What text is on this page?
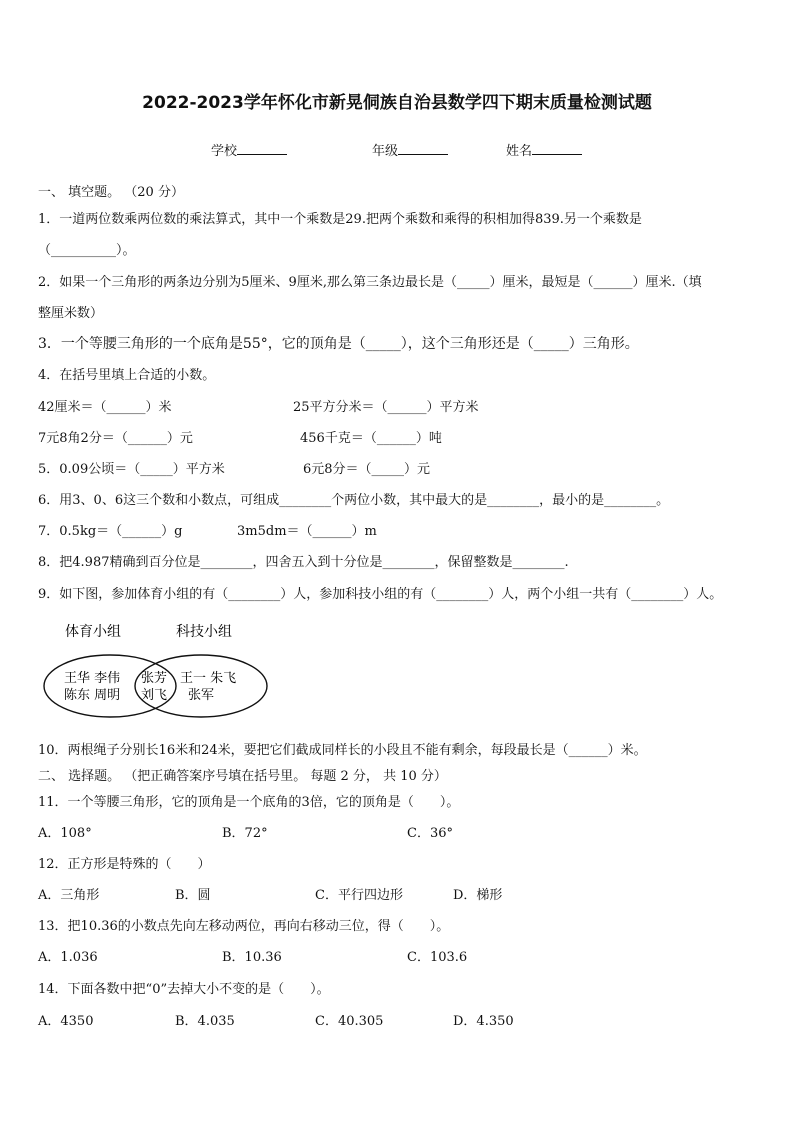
2022-2023学年怀化市新晃侗族自治县数学四下期末质量检测试题
学校	年级	姓名
一、 填空题。 （20 分）
1．一道两位数乘两位数的乘法算式，其中一个乘数是29.把两个乘数和乘得的积相加得839.另一个乘数是
（__________）。
2．如果一个三角形的两条边分别为5厘米、9厘米,那么第三条边最长是（_____）厘米，最短是（______）厘米.（填
整厘米数）
3．一个等腰三角形的一个底角是55°，它的顶角是（_____），这个三角形还是（_____）三角形。
4．在括号里填上合适的小数。
42厘米＝（______）米	25平方分米＝（______）平方米
7元8角2分＝（______）元	456千克＝（______）吨
5．0.09公顷＝（_____）平方米	6元8分＝（_____）元
6．用3、0、6这三个数和小数点，可组成________个两位小数，其中最大的是________，最小的是________。
7．0.5kg＝（______）g	3m5dm＝（______）m
8．把4.987精确到百分位是________，四舍五入到十分位是________，保留整数是________.
9．如下图，参加体育小组的有（________）人，参加科技小组的有（________）人，两个小组一共有（________）人。
体育小组	科技小组
王华 李伟
陈东 周明
张芳
刘飞
王一 朱飞
张军
10．两根绳子分别长16米和24米，要把它们截成同样长的小段且不能有剩余，每段最长是（______）米。
二、 选择题。 （把正确答案序号填在括号里。 每题 2 分， 共 10 分）
11．一个等腰三角形，它的顶角是一个底角的3倍，它的顶角是（　　）。
A．108°	B．72°	C．36°
12．正方形是特殊的（　　）
A．三角形	B．圆	C．平行四边形	D．梯形
13．把10.36的小数点先向左移动两位，再向右移动三位，得（　　）。
A．1.036	B．10.36	C．103.6
14．下面各数中把“0”去掉大小不变的是（　　）。
A．4350	B．4.035	C．40.305	D．4.350
